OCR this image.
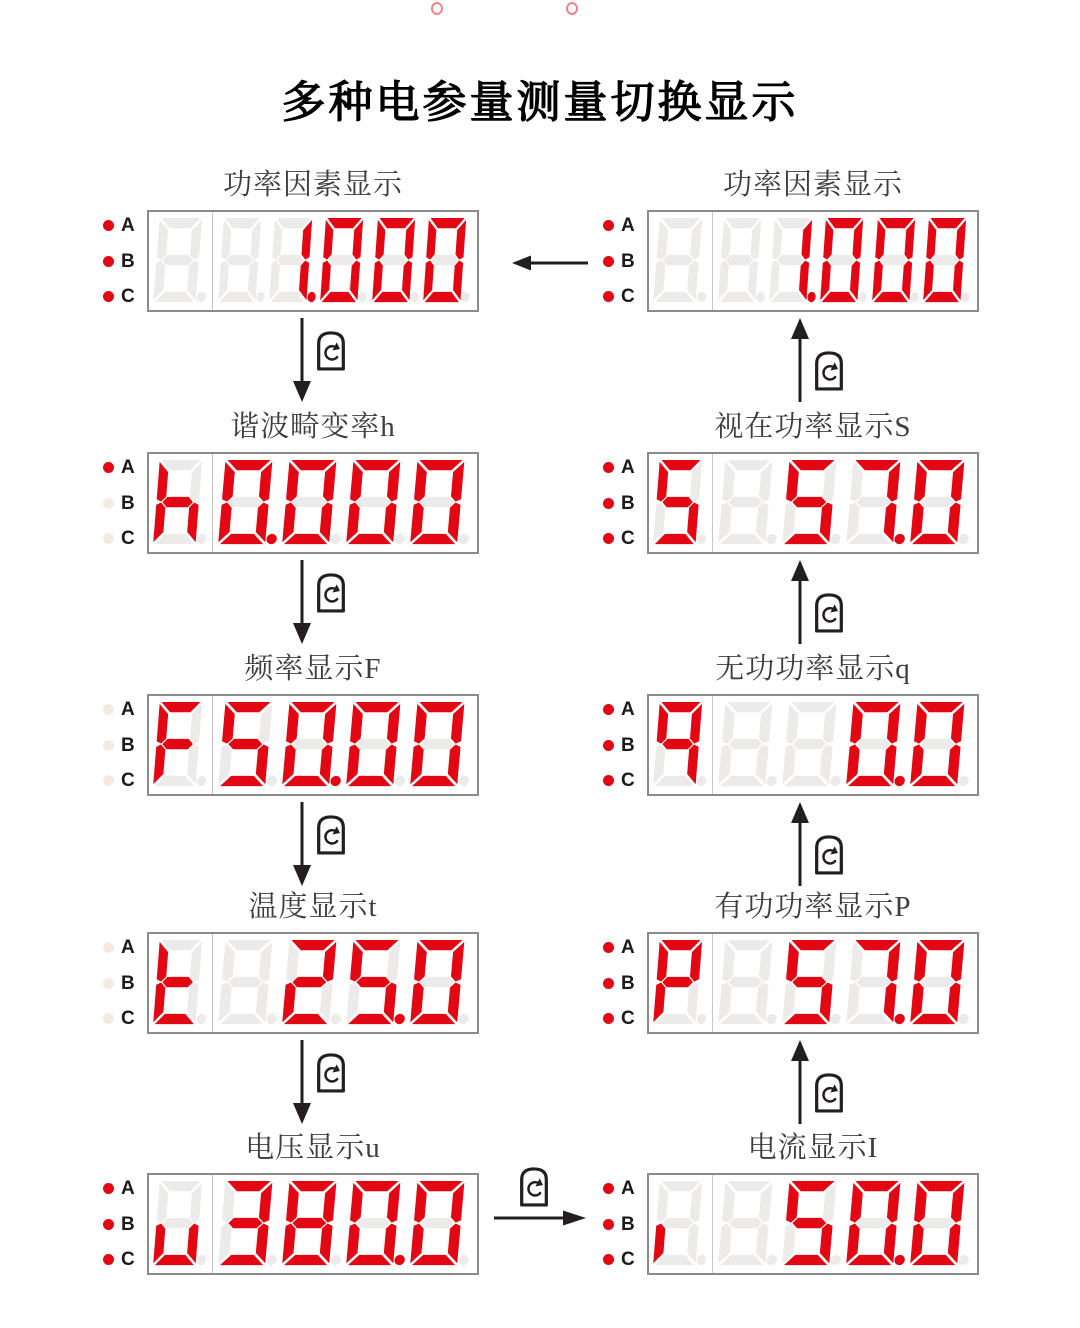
多种电参量测量切换显示
功率因素显示
A
B
C
谐波畸变率h
A
B
C
频率显示F
A
B
C
温度显示t
A
B
C
电压显示u
A
B
C
功率因素显示
A
B
C
视在功率显示S
A
B
C
无功功率显示q
A
B
C
有功功率显示P
A
B
C
电流显示I
A
B
C
